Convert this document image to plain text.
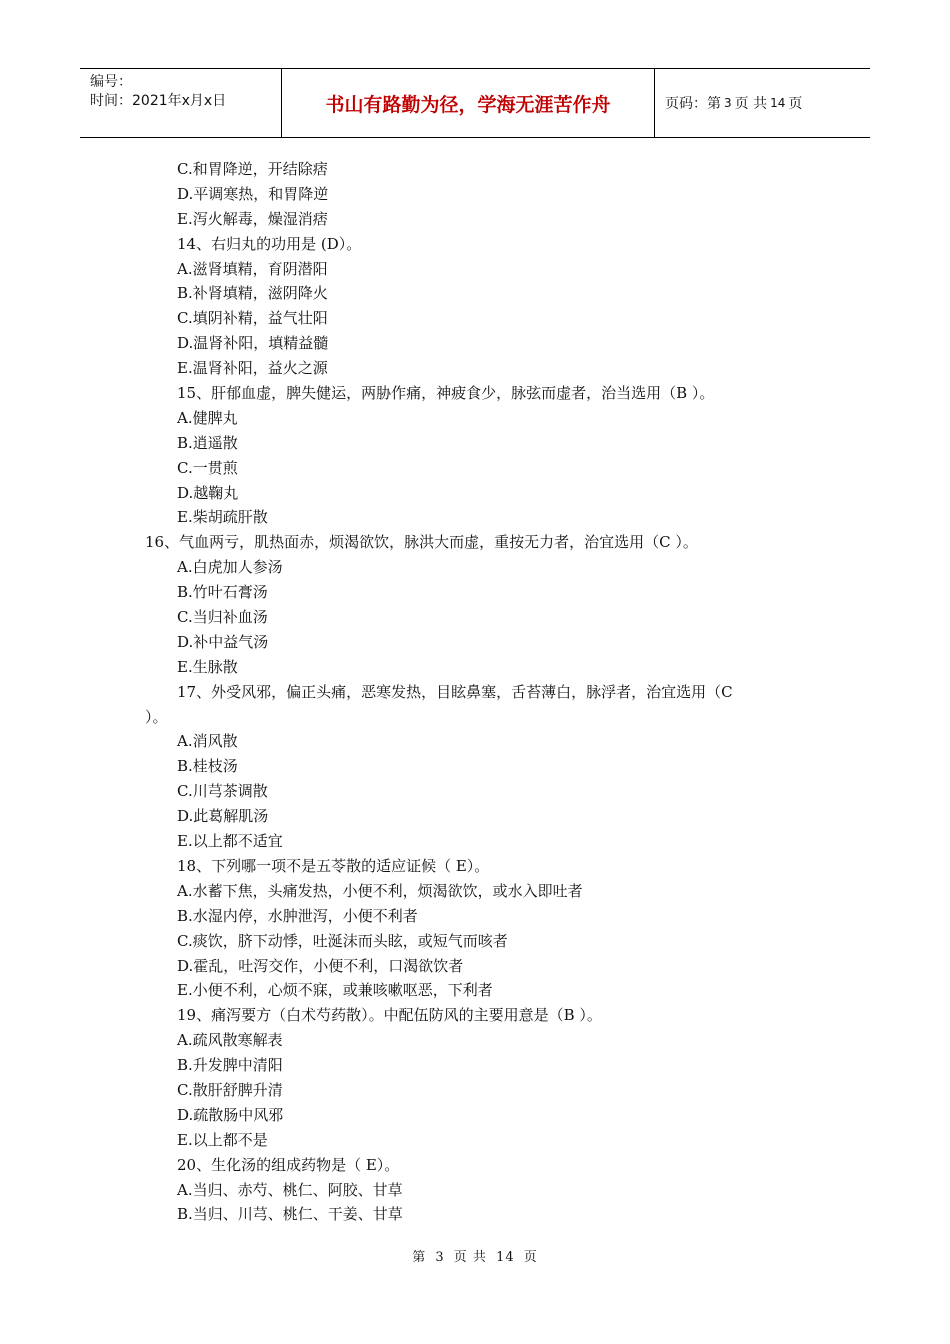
编号：
时间：2021年x月x日	书山有路勤为径，学海无涯苦作舟	页码：第 3 页 共 14 页
C.和胃降逆，开结除痞
D.平调寒热，和胃降逆
E.泻火解毒，燥湿消痞
14、右归丸的功用是 (D）。
A.滋肾填精，育阴潜阳
B.补肾填精，滋阴降火
C.填阴补精，益气壮阳
D.温肾补阳，填精益髓
E.温肾补阳，益火之源
15、肝郁血虚，脾失健运，两胁作痛，神疲食少，脉弦而虚者，治当选用（B ）。
A.健脾丸
B.逍遥散
C.一贯煎
D.越鞠丸
E.柴胡疏肝散
16、气血两亏，肌热面赤，烦渴欲饮，脉洪大而虚，重按无力者，治宜选用（C ）。
A.白虎加人参汤
B.竹叶石膏汤
C.当归补血汤
D.补中益气汤
E.生脉散
17、外受风邪，偏正头痛，恶寒发热，目眩鼻塞，舌苔薄白，脉浮者，治宜选用（C
）。
A.消风散
B.桂枝汤
C.川芎茶调散
D.此葛解肌汤
E.以上都不适宜
18、下列哪一项不是五苓散的适应证候（ E）。
A.水蓄下焦，头痛发热，小便不利，烦渴欲饮，或水入即吐者
B.水湿内停，水肿泄泻，小便不利者
C.痰饮，脐下动悸，吐涎沫而头眩，或短气而咳者
D.霍乱，吐泻交作，小便不利，口渴欲饮者
E.小便不利，心烦不寐，或兼咳嗽呕恶，下利者
19、痛泻要方（白术芍药散）。中配伍防风的主要用意是（B ）。
A.疏风散寒解表
B.升发脾中清阳
C.散肝舒脾升清
D.疏散肠中风邪
E.以上都不是
20、生化汤的组成药物是（ E）。
A.当归、赤芍、桃仁、阿胶、甘草
B.当归、川芎、桃仁、干姜、甘草
第 3 页 共 14 页
